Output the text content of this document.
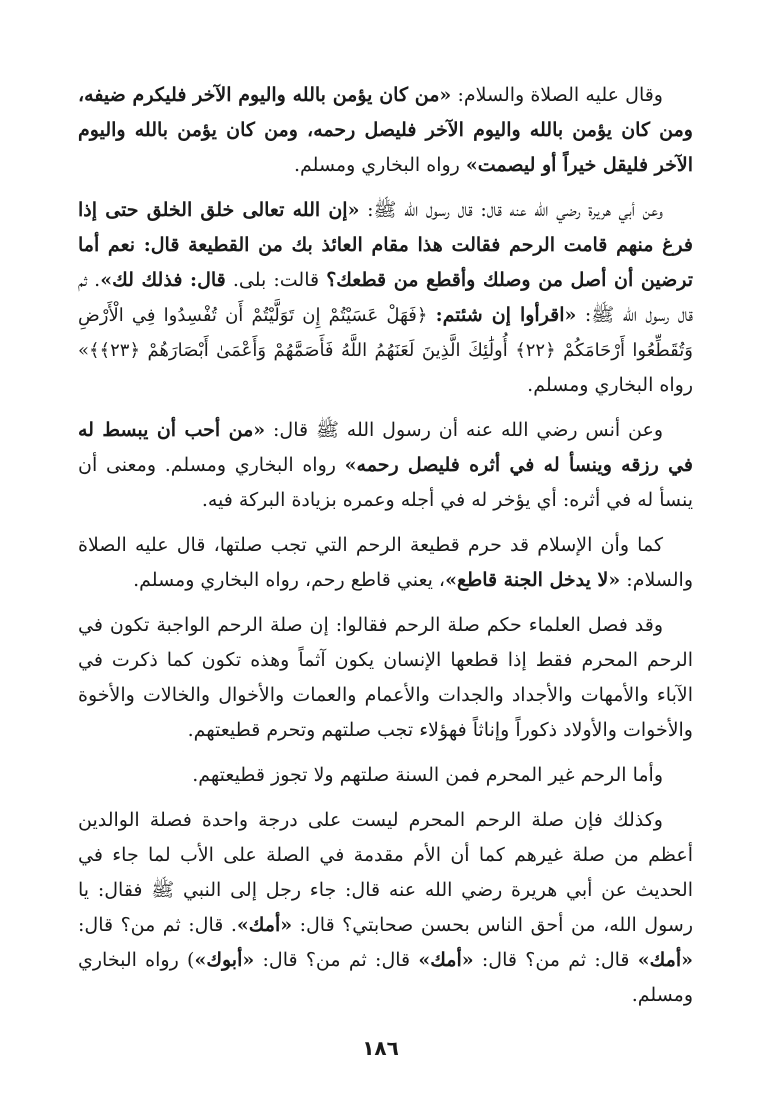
وقال عليه الصلاة والسلام: «من كان يؤمن بالله واليوم الآخر فليكرم ضيفه، ومن كان يؤمن بالله واليوم الآخر فليصل رحمه، ومن كان يؤمن بالله واليوم الآخر فليقل خيراً أو ليصمت» رواه البخاري ومسلم.

وعن أبي هريرة رضي الله عنه قال: قال رسول الله ﷺ: «إن الله تعالى خلق الخلق حتى إذا فرغ منهم قامت الرحم فقالت هذا مقام العائذ بك من القطيعة قال: نعم أما ترضين أن أصل من وصلك وأقطع من قطعك؟ قالت: بلى. قال: فذلك لك». ثم قال رسول الله ﷺ: «اقرأوا إن شئتم: ﴿فَهَلْ عَسَيْتُمْ إِن تَوَلَّيْتُمْ أَن تُفْسِدُوا فِي الْأَرْضِ وَتُقَطِّعُوا أَرْحَامَكُمْ ﴿٢٢﴾ أُولَٰئِكَ الَّذِينَ لَعَنَهُمُ اللَّهُ فَأَصَمَّهُمْ وَأَعْمَىٰ أَبْصَارَهُمْ ﴿٢٣﴾﴾» رواه البخاري ومسلم.

وعن أنس رضي الله عنه أن رسول الله ﷺ قال: «من أحب أن يبسط له في رزقه وينسأ له في أثره فليصل رحمه» رواه البخاري ومسلم. ومعنى أن ينسأ له في أثره: أي يؤخر له في أجله وعمره بزيادة البركة فيه.

كما وأن الإسلام قد حرم قطيعة الرحم التي تجب صلتها، قال عليه الصلاة والسلام: «لا يدخل الجنة قاطع»، يعني قاطع رحم، رواه البخاري ومسلم.

وقد فصل العلماء حكم صلة الرحم فقالوا: إن صلة الرحم الواجبة تكون في الرحم المحرم فقط إذا قطعها الإنسان يكون آثماً وهذه تكون كما ذكرت في الآباء والأمهات والأجداد والجدات والأعمام والعمات والأخوال والخالات والأخوة والأخوات والأولاد ذكوراً وإناثاً فهؤلاء تجب صلتهم وتحرم قطيعتهم.

وأما الرحم غير المحرم فمن السنة صلتهم ولا تجوز قطيعتهم.

وكذلك فإن صلة الرحم المحرم ليست على درجة واحدة فصلة الوالدين أعظم من صلة غيرهم كما أن الأم مقدمة في الصلة على الأب لما جاء في الحديث عن أبي هريرة رضي الله عنه قال: جاء رجل إلى النبي ﷺ فقال: يا رسول الله، من أحق الناس بحسن صحابتي؟ قال: «أمك». قال: ثم من؟ قال: «أمك» قال: ثم من؟ قال: «أمك» قال: ثم من؟ قال: «أبوك») رواه البخاري ومسلم.

١٨٦
